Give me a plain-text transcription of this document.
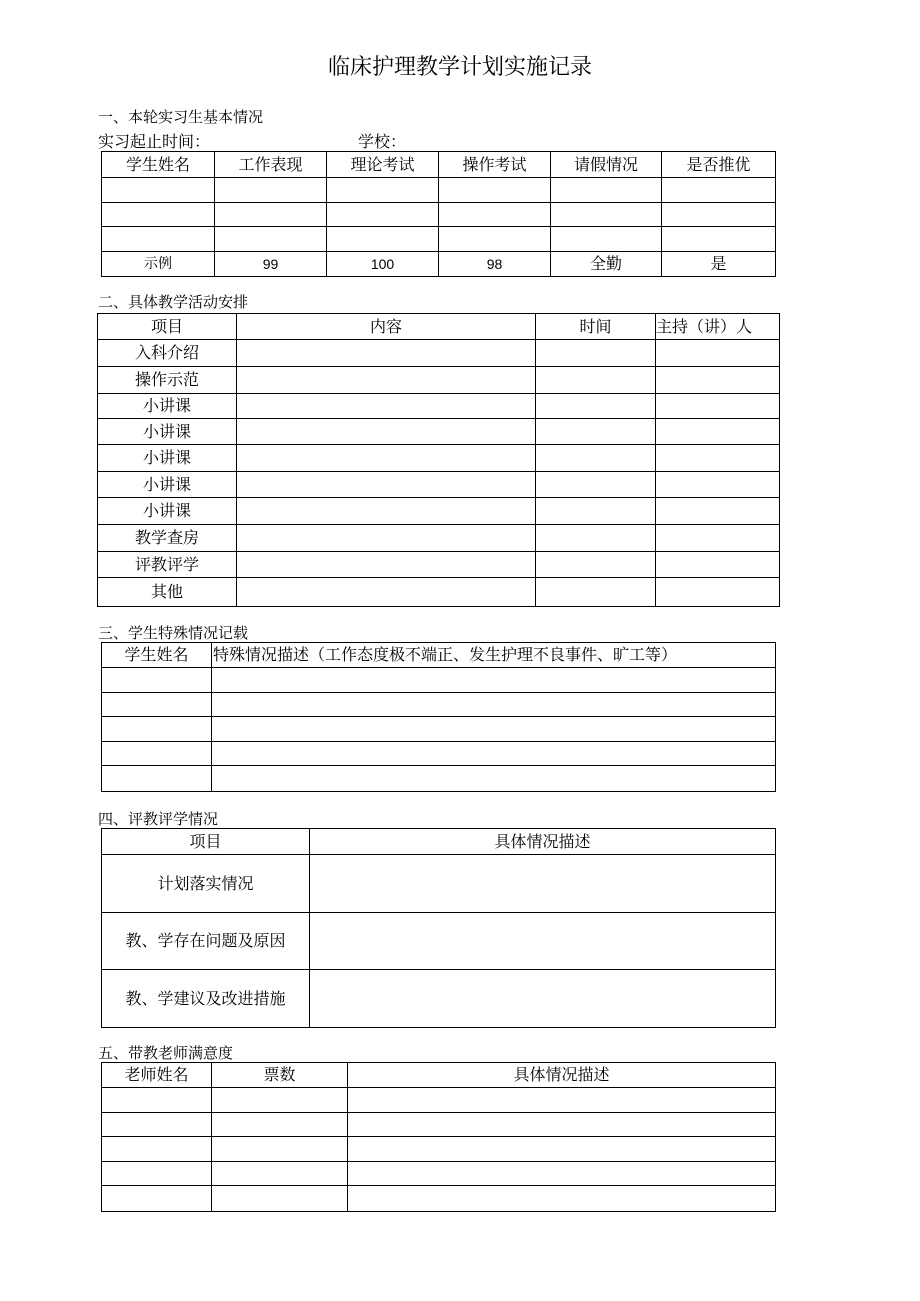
临床护理教学计划实施记录
一、本轮实习生基本情况
实习起止时间：	学校：
学生姓名	工作表现	理论考试	操作考试	请假情况	是否推优

示例	99	100	98	全勤	是
二、具体教学活动安排
项目	内容	时间	主持（讲）人
入科介绍			
操作示范			
小讲课			
小讲课			
小讲课			
小讲课			
小讲课			
教学查房			
评教评学			
其他			
三、学生特殊情况记载
学生姓名	特殊情况描述（工作态度极不端正、发生护理不良事件、旷工等）

四、评教评学情况
项目	具体情况描述
计划落实情况	
教、学存在问题及原因	
教、学建议及改进措施	
五、带教老师满意度
老师姓名	票数	具体情况描述
